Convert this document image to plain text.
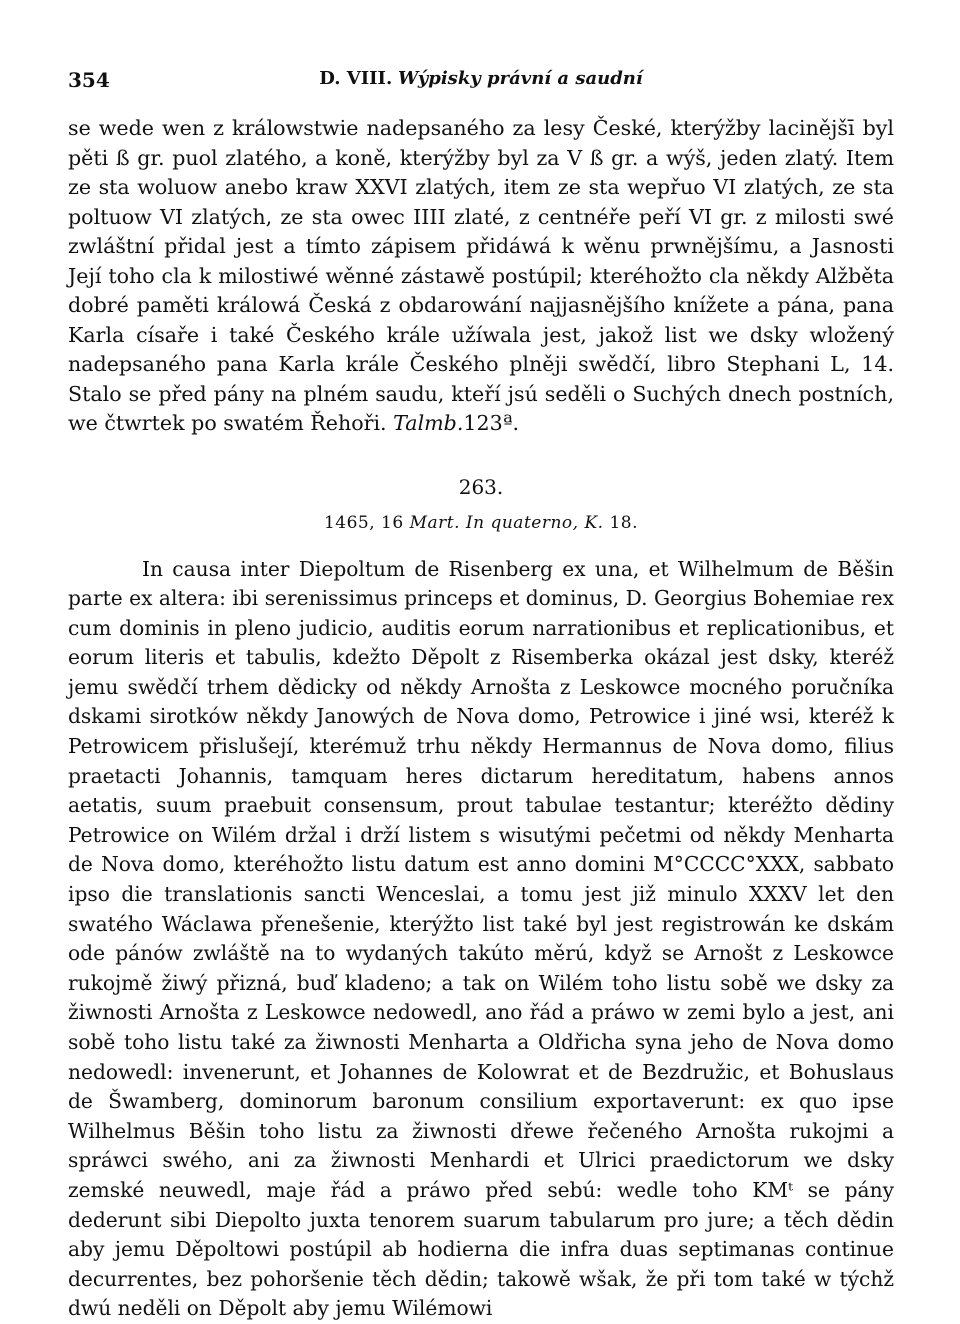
354	D. VIII. Wýpisky právní a saudní

se wede wen z králowstwie nadepsaného za lesy České, kterýžby lacinějšī byl pěti ß gr. puol zlatého, a koně, kterýžby byl za V ß gr. a wýš, jeden zlatý. Item ze sta woluow anebo kraw XXVI zlatých, item ze sta wepřuo VI zlatých, ze sta poltuow VI zlatých, ze sta owec IIII zlaté, z centnéře peří VI gr. z milosti swé zwláštní přidal jest a tímto zápisem přidáwá k wěnu prwnějšímu, a Jasnosti Její toho cla k milostiwé wěnné zástawě postúpil; kteréhožto cla někdy Alžběta dobré paměti králowá Česká z obdarowání najjasnějšího knížete a pána, pana Karla císaře i také Českého krále užíwala jest, jakož list we dsky wložený nadepsaného pana Karla krále Českého plněji swědčí, libro Stephani L, 14. Stalo se před pány na plném saudu, kteří jsú seděli o Suchých dnech postních, we čtwrtek po swatém Řehoři. Talmb.123ª.

263.
1465, 16 Mart. In quaterno, K. 18.

In causa inter Diepoltum de Risenberg ex una, et Wilhelmum de Běšin parte ex altera: ibi serenissimus princeps et dominus, D. Georgius Bohemiae rex cum dominis in pleno judicio, auditis eorum narrationibus et replicationibus, et eorum literis et tabulis, kdežto Děpolt z Risemberka okázal jest dsky, kteréž jemu swědčí trhem dědicky od někdy Arnošta z Leskowce mocného poručníka dskami sirotków někdy Janowých de Nova domo, Petrowice i jiné wsi, kteréž k Petrowicem přislušejí, kterémuž trhu někdy Hermannus de Nova domo, filius praetacti Johannis, tamquam heres dictarum hereditatum, habens annos aetatis, suum praebuit consensum, prout tabulae testantur; kteréžto dědiny Petrowice on Wilém držal i drží listem s wisutými pečetmi od někdy Menharta de Nova domo, kteréhožto listu datum est anno domini M°CCCC°XXX, sabbato ipso die translationis sancti Wenceslai, a tomu jest již minulo XXXV let den swatého Wáclawa přenešenie, kterýžto list také byl jest registrowán ke dskám ode pánów zwláště na to wydaných takúto měrú, když se Arnošt z Leskowce rukojmě žiwý přizná, buď kladeno; a tak on Wilém toho listu sobě we dsky za žiwnosti Arnošta z Leskowce nedowedl, ano řád a práwo w zemi bylo a jest, ani sobě toho listu také za žiwnosti Menharta a Oldřicha syna jeho de Nova domo nedowedl: invenerunt, et Johannes de Kolowrat et de Bezdružic, et Bohuslaus de Šwamberg, dominorum baronum consilium exportaverunt: ex quo ipse Wilhelmus Běšin toho listu za žiwnosti dřewe řečeného Arnošta rukojmi a spráwci swého, ani za žiwnosti Menhardi et Ulrici praedictorum we dsky zemské neuwedl, maje řád a práwo před sebú: wedle toho KMᵗ se pány dederunt sibi Diepolto juxta tenorem suarum tabularum pro jure; a těch dědin aby jemu Děpoltowi postúpil ab hodierna die infra duas septimanas continue decurrentes, bez pohoršenie těch dědin; takowě wšak, že při tom také w týchž dwú neděli on Děpolt aby jemu Wilémowi
